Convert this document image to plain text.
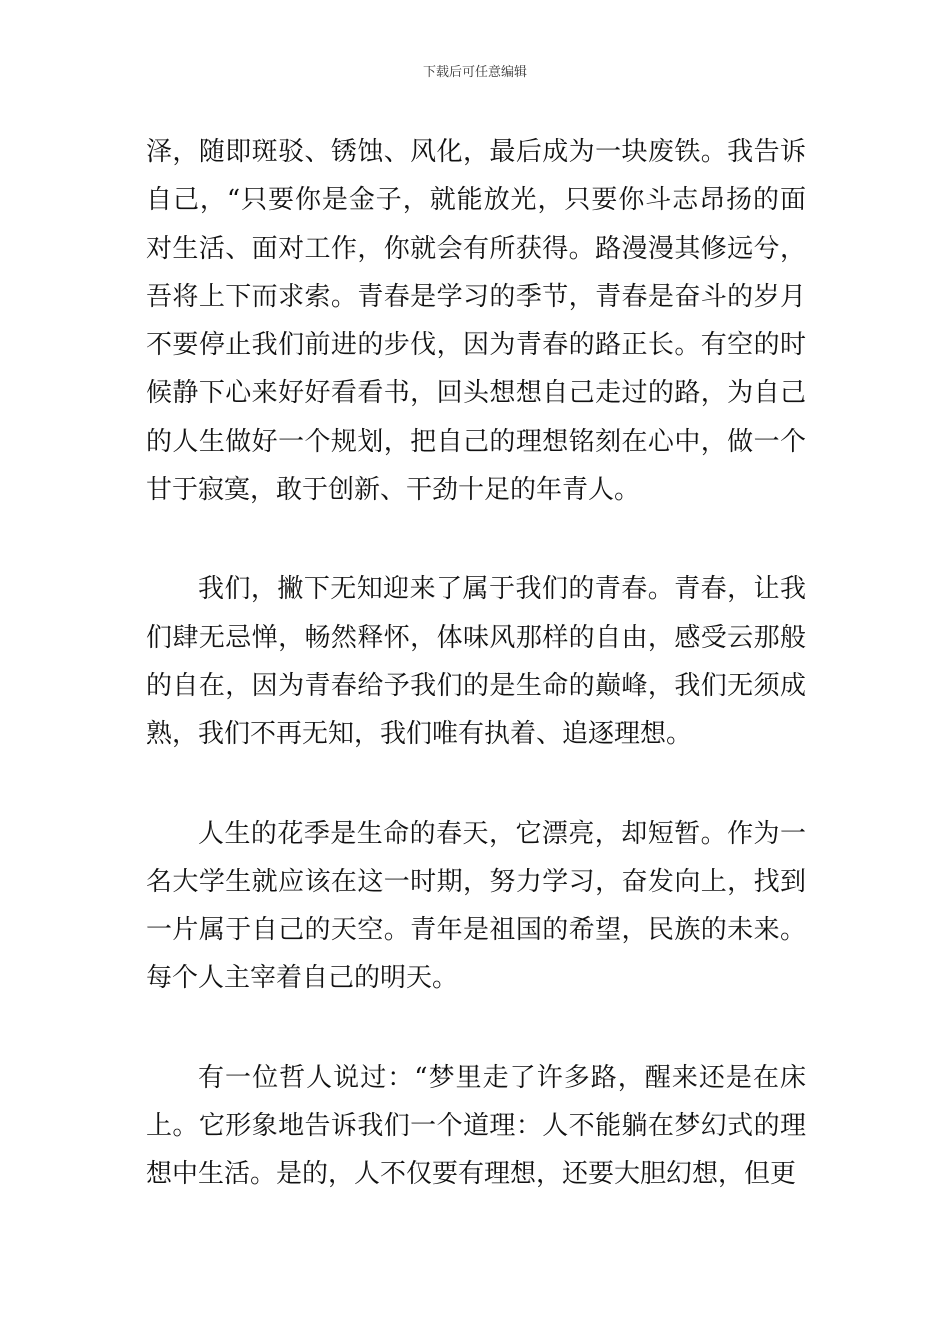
下载后可任意编辑

泽，随即斑驳、锈蚀、风化，最后成为一块废铁。我告诉自己，“只要你是金子，就能放光，只要你斗志昂扬的面对生活、面对工作，你就会有所获得。路漫漫其修远兮，吾将上下而求索。青春是学习的季节，青春是奋斗的岁月不要停止我们前进的步伐，因为青春的路正长。有空的时候静下心来好好看看书，回头想想自己走过的路，为自己的人生做好一个规划，把自己的理想铭刻在心中，做一个甘于寂寞，敢于创新、干劲十足的年青人。

我们，撇下无知迎来了属于我们的青春。青春，让我们肆无忌惮，畅然释怀，体味风那样的自由，感受云那般的自在，因为青春给予我们的是生命的巅峰，我们无须成熟，我们不再无知，我们唯有执着、追逐理想。

人生的花季是生命的春天，它漂亮，却短暂。作为一名大学生就应该在这一时期，努力学习，奋发向上，找到一片属于自己的天空。青年是祖国的希望，民族的未来。每个人主宰着自己的明天。

有一位哲人说过：“梦里走了许多路，醒来还是在床上。它形象地告诉我们一个道理：人不能躺在梦幻式的理想中生活。是的，人不仅要有理想，还要大胆幻想，但更
